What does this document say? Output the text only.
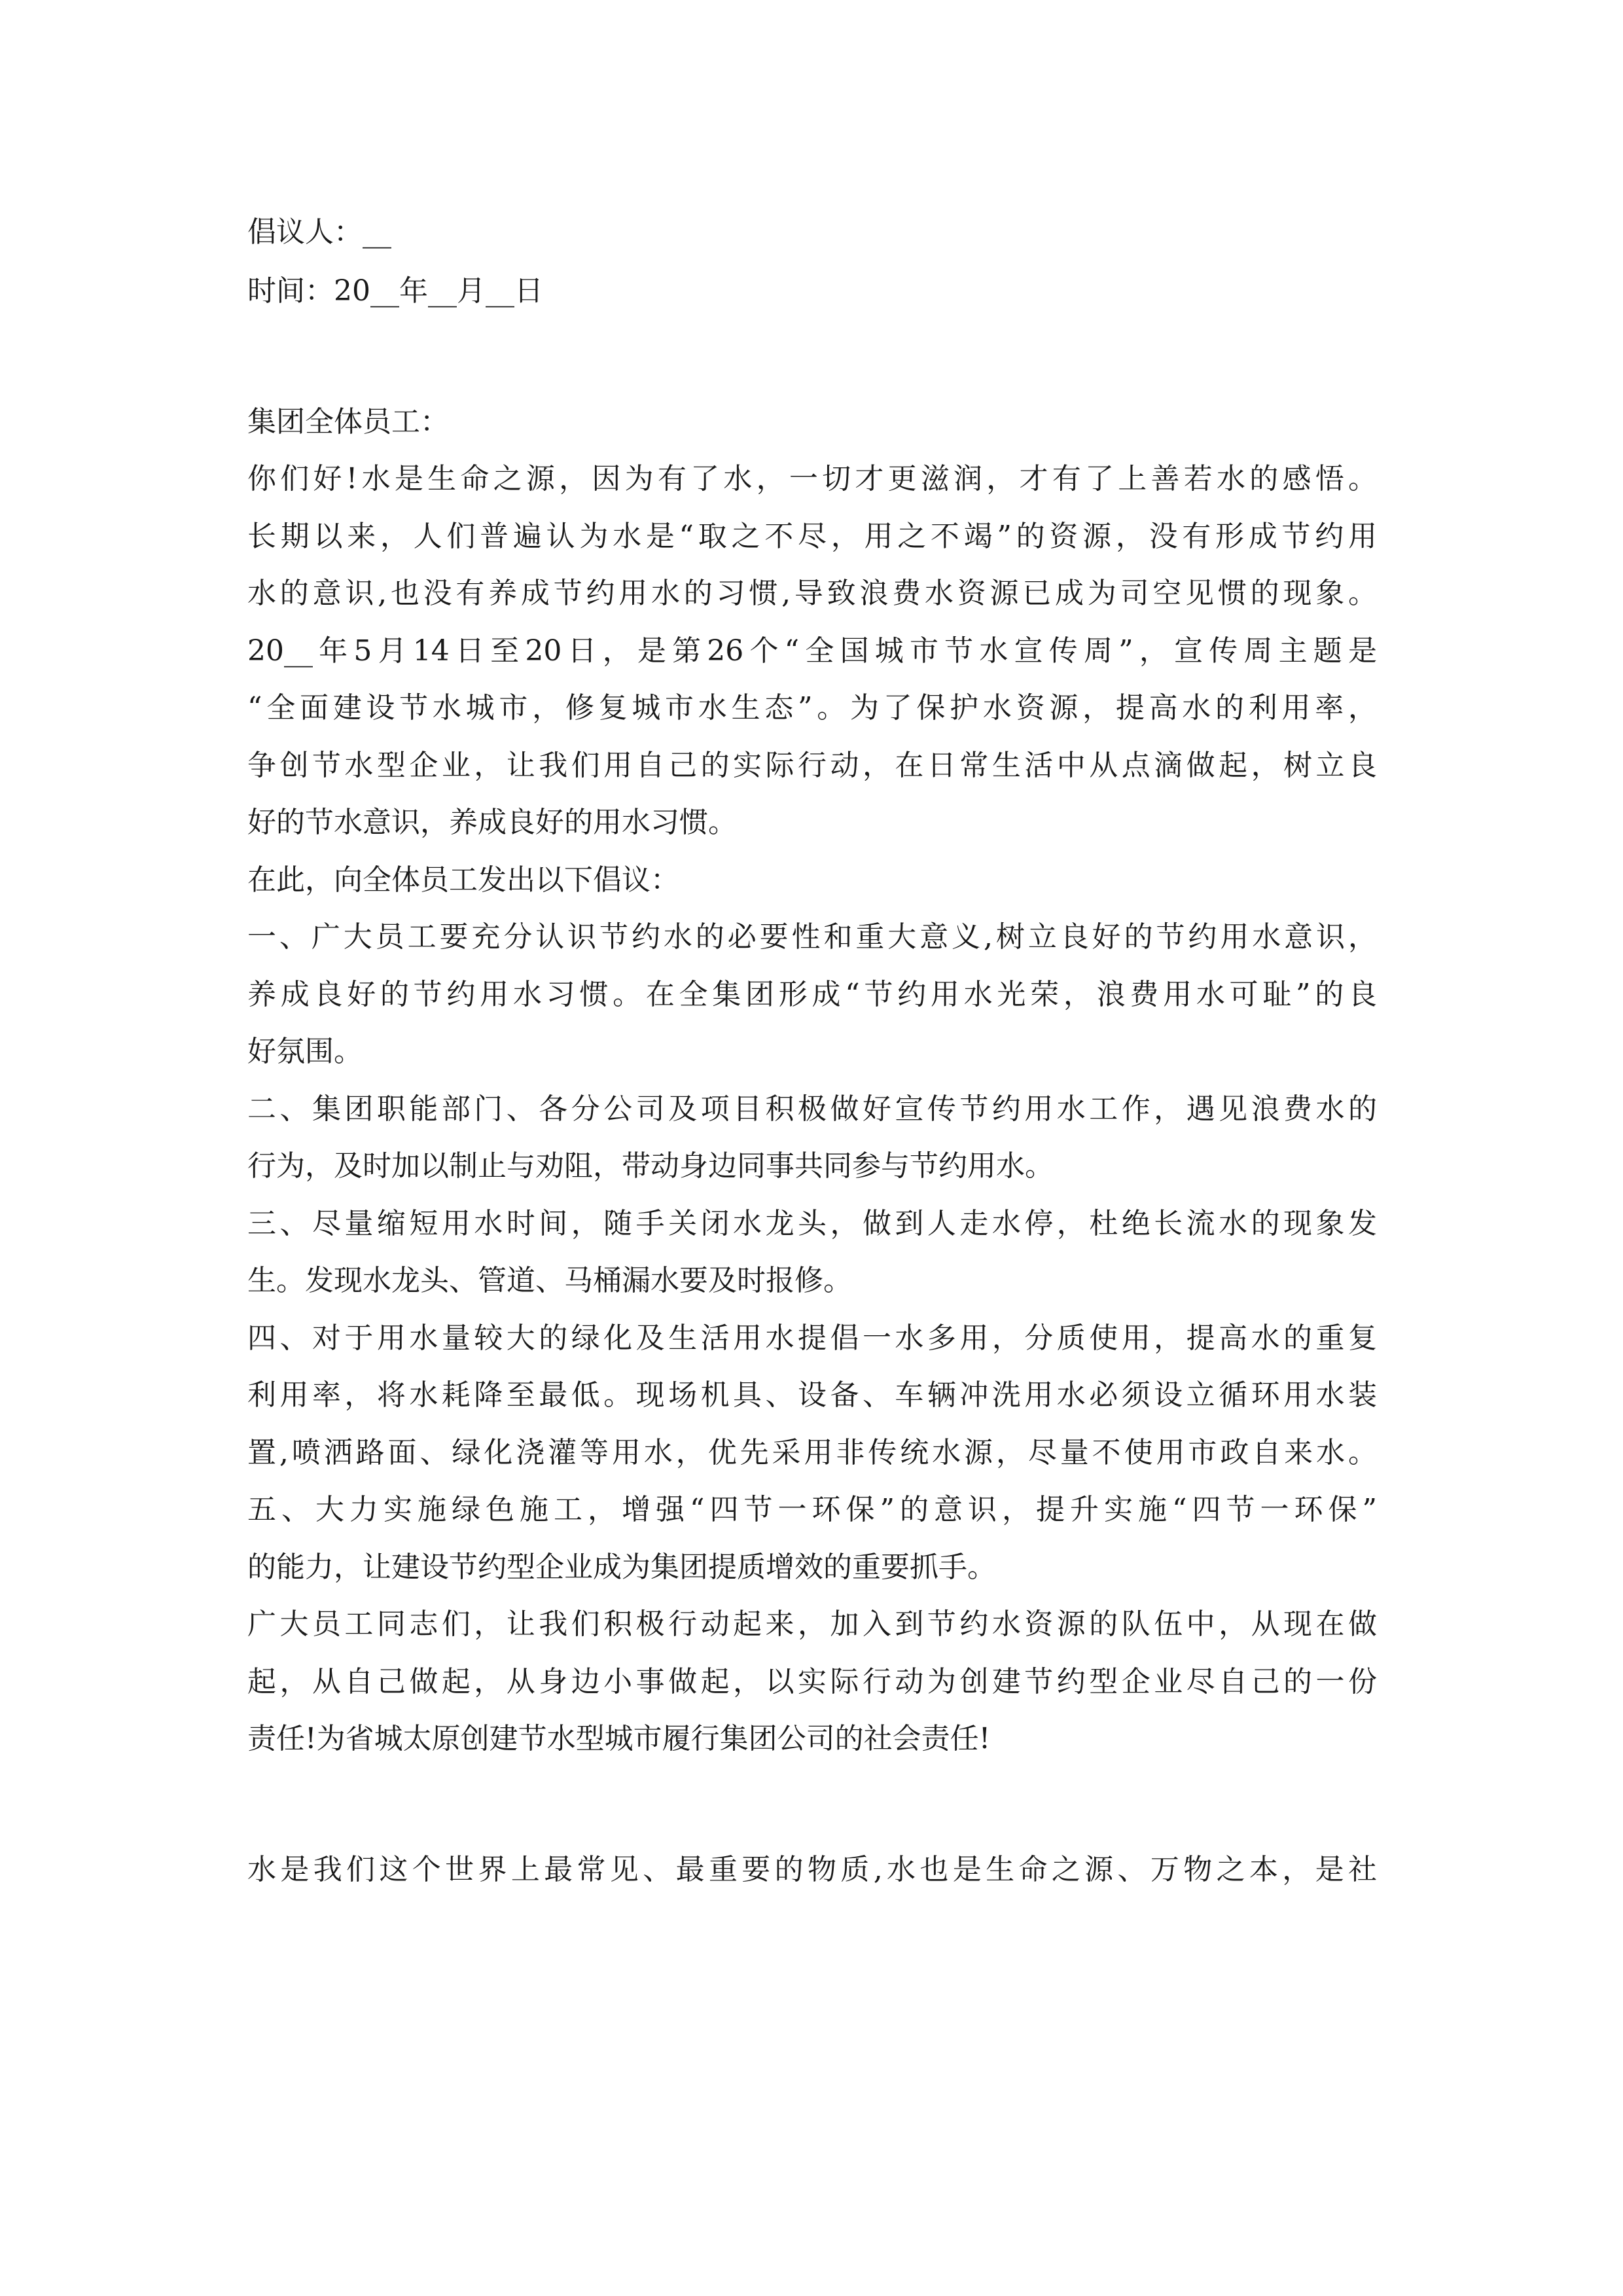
倡议人：__
时间：20__年__月__日
集团全体员工：
你们好!水是生命之源，因为有了水，一切才更滋润，才有了上善若水的感悟。
长期以来，人们普遍认为水是“取之不尽，用之不竭”的资源，没有形成节约用
水的意识,也没有养成节约用水的习惯,导致浪费水资源已成为司空见惯的现象。
20__年5月14日至20日，是第26个“全国城市节水宣传周”，宣传周主题是
“全面建设节水城市，修复城市水生态”。为了保护水资源，提高水的利用率，
争创节水型企业，让我们用自己的实际行动，在日常生活中从点滴做起，树立良
好的节水意识，养成良好的用水习惯。
在此，向全体员工发出以下倡议：
一、广大员工要充分认识节约水的必要性和重大意义,树立良好的节约用水意识，
养成良好的节约用水习惯。在全集团形成“节约用水光荣，浪费用水可耻”的良
好氛围。
二、集团职能部门、各分公司及项目积极做好宣传节约用水工作，遇见浪费水的
行为，及时加以制止与劝阻，带动身边同事共同参与节约用水。
三、尽量缩短用水时间，随手关闭水龙头，做到人走水停，杜绝长流水的现象发
生。发现水龙头、管道、马桶漏水要及时报修。
四、对于用水量较大的绿化及生活用水提倡一水多用，分质使用，提高水的重复
利用率，将水耗降至最低。现场机具、设备、车辆冲洗用水必须设立循环用水装
置,喷洒路面、绿化浇灌等用水，优先采用非传统水源，尽量不使用市政自来水。
五、大力实施绿色施工，增强“四节一环保”的意识，提升实施“四节一环保”
的能力，让建设节约型企业成为集团提质增效的重要抓手。
广大员工同志们，让我们积极行动起来，加入到节约水资源的队伍中，从现在做
起，从自己做起，从身边小事做起，以实际行动为创建节约型企业尽自己的一份
责任!为省城太原创建节水型城市履行集团公司的社会责任!
水是我们这个世界上最常见、最重要的物质,水也是生命之源、万物之本，是社
